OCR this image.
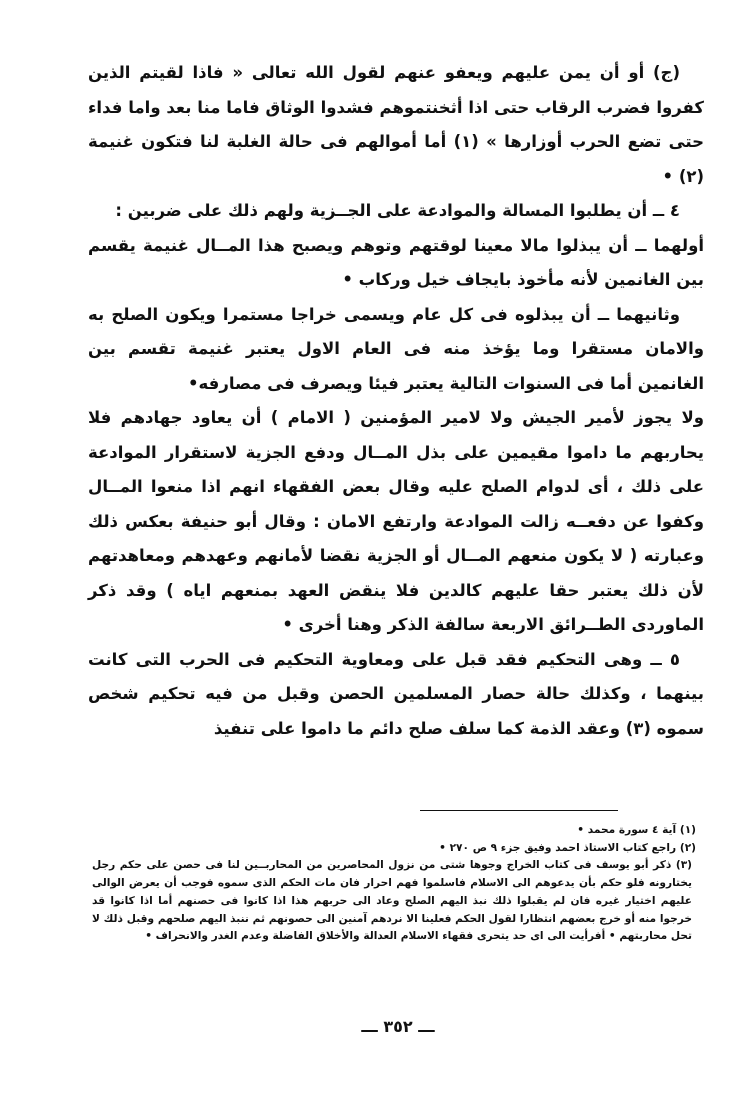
(ج) أو أن يمن عليهم ويعفو عنهم لقول الله تعالى « فاذا لقيتم الذين كفروا فضرب الرقاب حتى اذا أثخنتموهم فشدوا الوثاق فاما منا بعد واما فداء حتى تضع الحرب أوزارها » (١) أما أموالهم فى حالة الغلبة لنا فتكون غنيمة (٢) •

٤ ــ أن يطلبوا المسالة والموادعة على الجــزية ولهم ذلك على ضربين :

أولهما ــ أن يبذلوا مالا معينا لوقتهم وتوهم ويصبح هذا المــال غنيمة يقسم بين الغانمين لأنه مأخوذ بايجاف خيل وركاب •

وثانيهما ــ أن يبذلوه فى كل عام ويسمى خراجا مستمرا ويكون الصلح به والامان مستقرا وما يؤخذ منه فى العام الاول يعتبر غنيمة تقسم بين الغانمين أما فى السنوات التالية يعتبر فيئا ويصرف فى مصارفه•

ولا يجوز لأمير الجيش ولا لامير المؤمنين ( الامام ) أن يعاود جهادهم فلا يحاربهم ما داموا مقيمين على بذل المــال ودفع الجزية لاستقرار الموادعة على ذلك ، أى لدوام الصلح عليه وقال بعض الفقهاء انهم اذا منعوا المــال وكفوا عن دفعــه زالت الموادعة وارتفع الامان : وقال أبو حنيفة بعكس ذلك وعبارته ( لا يكون منعهم المــال أو الجزية نقضا لأمانهم وعهدهم ومعاهدتهم لأن ذلك يعتبر حقا عليهم كالدين فلا ينقض العهد بمنعهم اياه ) وقد ذكر الماوردى الطــرائق الاربعة سالفة الذكر وهنا أخرى •

٥ ــ وهى التحكيم فقد قبل على ومعاوية التحكيم فى الحرب التى كانت بينهما ، وكذلك حالة حصار المسلمين الحصن وقبل من فيه تحكيم شخص سموه (٣) وعقد الذمة كما سلف صلح دائم ما داموا على تنفيذ

(١) آية ٤ سورة محمد •

(٢) راجع كتاب الاستاذ احمد وفيق جزء ٩ ص ٢٧٠ •

(٣) ذكر أبو يوسف فى كتاب الخراج وجوها شتى من نزول المحاصرين من المحاربــين لنا فى حصن على حكم رجل يختارونه فلو حكم بأن يدعوهم الى الاسلام فاسلموا فهم احرار فان مات الحكم الذى سموه فوجب أن يعرض الوالى عليهم اختيار غيره فان لم يقبلوا ذلك نبذ اليهم الصلح وعاد الى حربهم هذا اذا كانوا فى حصنهم أما اذا كانوا قد خرجوا منه أو خرج بعضهم انتظارا لقول الحكم فعلينا الا نردهم آمنين الى حصونهم ثم ننبذ اليهم صلحهم وقبل ذلك لا تحل محاربتهم • أفرأيت الى اى حد يتحرى فقهاء الاسلام العدالة والأخلاق الفاضلة وعدم الغدر والانحراف •

ـــ ٣٥٢ ـــ
